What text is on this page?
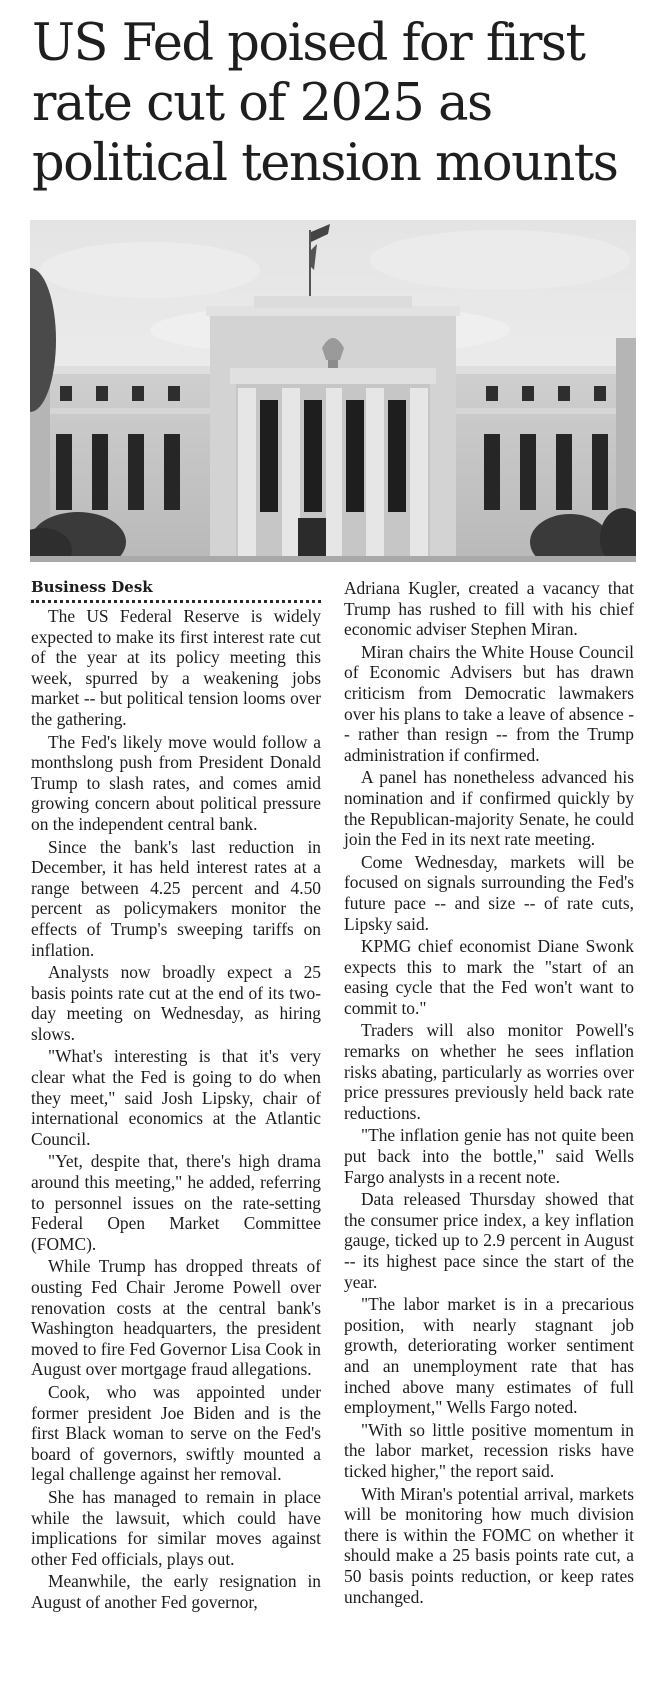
US Fed poised for first rate cut of 2025 as political tension mounts
Business Desk

The US Federal Reserve is widely expected to make its first interest rate cut of the year at its policy meeting this week, spurred by a weakening jobs market -- but political tension looms over the gathering.

The Fed's likely move would follow a monthslong push from President Donald Trump to slash rates, and comes amid growing concern about political pressure on the independent central bank.

Since the bank's last reduction in December, it has held interest rates at a range between 4.25 percent and 4.50 percent as policymakers monitor the effects of Trump's sweeping tariffs on inflation.

Analysts now broadly expect a 25 basis points rate cut at the end of its two-day meeting on Wednesday, as hiring slows.

"What's interesting is that it's very clear what the Fed is going to do when they meet," said Josh Lipsky, chair of international economics at the Atlantic Council.

"Yet, despite that, there's high drama around this meeting," he added, referring to personnel issues on the rate-setting Federal Open Market Committee (FOMC).

While Trump has dropped threats of ousting Fed Chair Jerome Powell over renovation costs at the central bank's Washington headquarters, the president moved to fire Fed Governor Lisa Cook in August over mortgage fraud allegations.

Cook, who was appointed under former president Joe Biden and is the first Black woman to serve on the Fed's board of governors, swiftly mounted a legal challenge against her removal.

She has managed to remain in place while the lawsuit, which could have implications for similar moves against other Fed officials, plays out.

Meanwhile, the early resignation in August of another Fed governor,

Adriana Kugler, created a vacancy that Trump has rushed to fill with his chief economic adviser Stephen Miran.

Miran chairs the White House Council of Economic Advisers but has drawn criticism from Democratic lawmakers over his plans to take a leave of absence -- rather than resign -- from the Trump administration if confirmed.

A panel has nonetheless advanced his nomination and if confirmed quickly by the Republican-majority Senate, he could join the Fed in its next rate meeting.

Come Wednesday, markets will be focused on signals surrounding the Fed's future pace -- and size -- of rate cuts, Lipsky said.

KPMG chief economist Diane Swonk expects this to mark the "start of an easing cycle that the Fed won't want to commit to."

Traders will also monitor Powell's remarks on whether he sees inflation risks abating, particularly as worries over price pressures previously held back rate reductions.

"The inflation genie has not quite been put back into the bottle," said Wells Fargo analysts in a recent note.

Data released Thursday showed that the consumer price index, a key inflation gauge, ticked up to 2.9 percent in August -- its highest pace since the start of the year.

"The labor market is in a precarious position, with nearly stagnant job growth, deteriorating worker sentiment and an unemployment rate that has inched above many estimates of full employment," Wells Fargo noted.

"With so little positive momentum in the labor market, recession risks have ticked higher," the report said.

With Miran's potential arrival, markets will be monitoring how much division there is within the FOMC on whether it should make a 25 basis points rate cut, a 50 basis points reduction, or keep rates unchanged.
